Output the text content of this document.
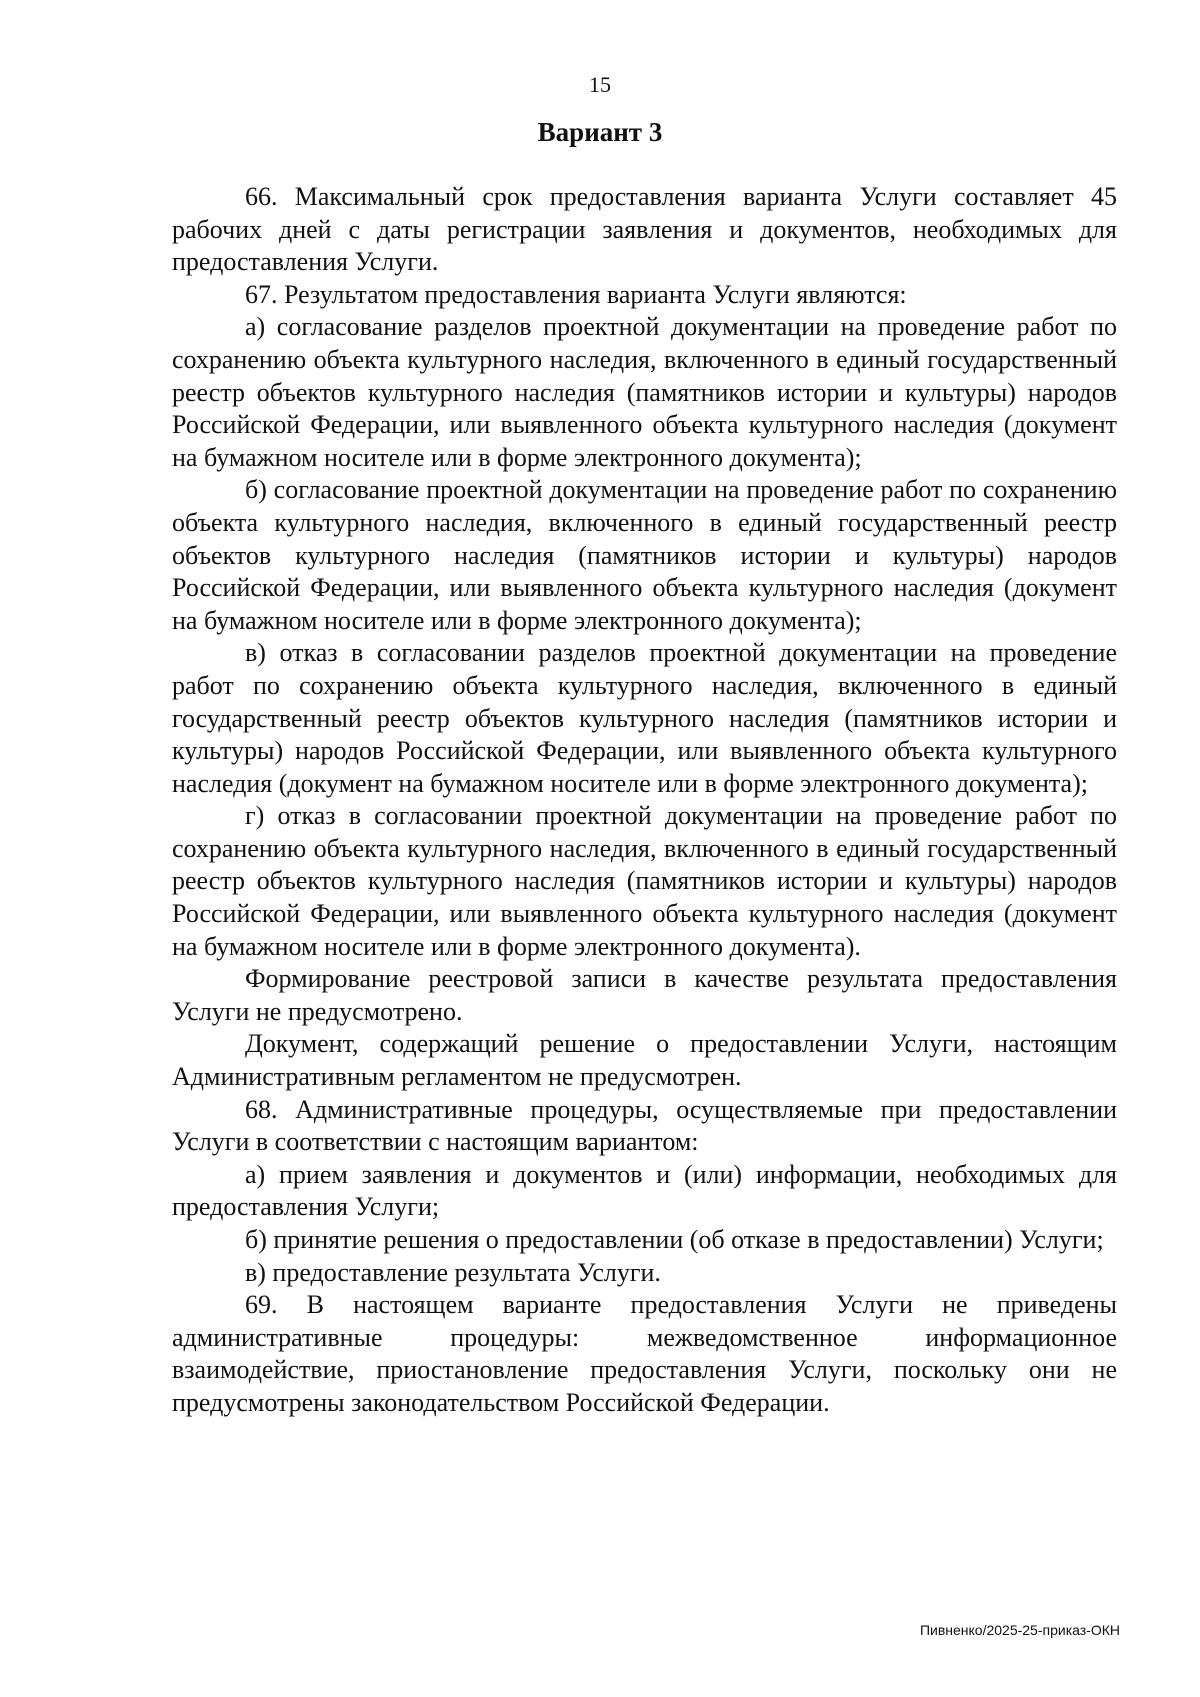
15
Вариант 3

66. Максимальный срок предоставления варианта Услуги составляет 45 рабочих дней с даты регистрации заявления и документов, необходимых для предоставления Услуги.

67. Результатом предоставления варианта Услуги являются:

а) согласование разделов проектной документации на проведение работ по сохранению объекта культурного наследия, включенного в единый государственный реестр объектов культурного наследия (памятников истории и культуры) народов Российской Федерации, или выявленного объекта культурного наследия (документ на бумажном носителе или в форме электронного документа);

б) согласование проектной документации на проведение работ по сохранению объекта культурного наследия, включенного в единый государственный реестр объектов культурного наследия (памятников истории и культуры) народов Российской Федерации, или выявленного объекта культурного наследия (документ на бумажном носителе или в форме электронного документа);

в) отказ в согласовании разделов проектной документации на проведение работ по сохранению объекта культурного наследия, включенного в единый государственный реестр объектов культурного наследия (памятников истории и культуры) народов Российской Федерации, или выявленного объекта культурного наследия (документ на бумажном носителе или в форме электронного документа);

г) отказ в согласовании проектной документации на проведение работ по сохранению объекта культурного наследия, включенного в единый государственный реестр объектов культурного наследия (памятников истории и культуры) народов Российской Федерации, или выявленного объекта культурного наследия (документ на бумажном носителе или в форме электронного документа).

Формирование реестровой записи в качестве результата предоставления Услуги не предусмотрено.

Документ, содержащий решение о предоставлении Услуги, настоящим Административным регламентом не предусмотрен.

68. Административные процедуры, осуществляемые при предоставлении Услуги в соответствии с настоящим вариантом:

а) прием заявления и документов и (или) информации, необходимых для предоставления Услуги;

б) принятие решения о предоставлении (об отказе в предоставлении) Услуги;

в) предоставление результата Услуги.

69. В настоящем варианте предоставления Услуги не приведены административные процедуры: межведомственное информационное взаимодействие, приостановление предоставления Услуги, поскольку они не предусмотрены законодательством Российской Федерации.

Пивненко/2025-25-приказ-ОКН
